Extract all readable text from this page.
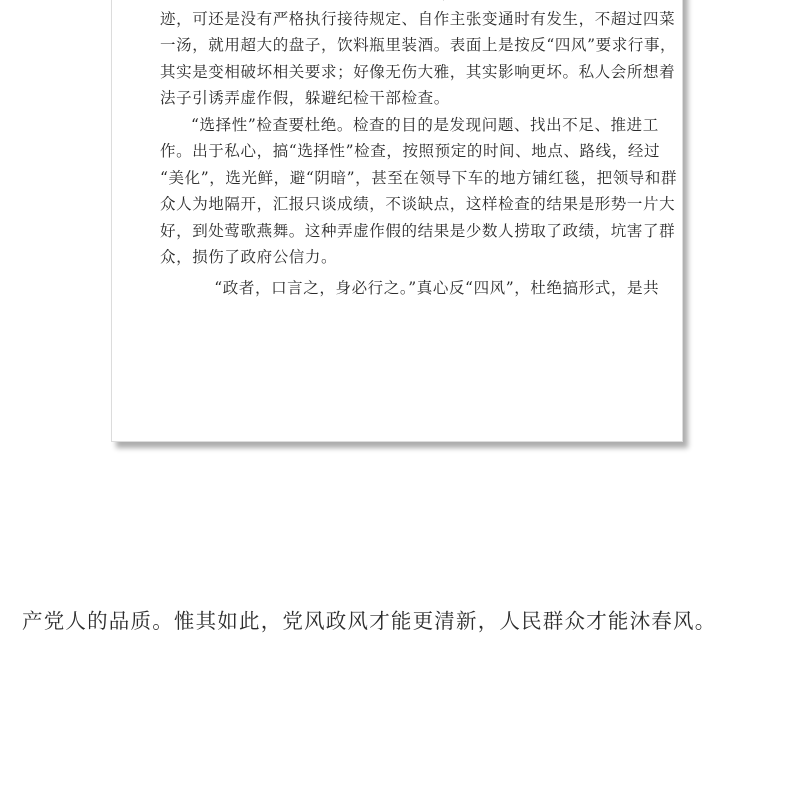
迹，可还是没有严格执行接待规定、自作主张变通时有发生，不超过四菜
一汤，就用超大的盘子，饮料瓶里装酒。表面上是按反“四风”要求行事，
其实是变相破坏相关要求；好像无伤大雅，其实影响更坏。私人会所想着
法子引诱弄虚作假，躲避纪检干部检查。

“选择性”检查要杜绝。检查的目的是发现问题、找出不足、推进工
作。出于私心，搞“选择性”检查，按照预定的时间、地点、路线，经过
“美化”，选光鲜，避“阴暗”，甚至在领导下车的地方铺红毯，把领导和群
众人为地隔开，汇报只谈成绩，不谈缺点，这样检查的结果是形势一片大
好，到处莺歌燕舞。这种弄虚作假的结果是少数人捞取了政绩，坑害了群
众，损伤了政府公信力。

“政者，口言之，身必行之。”真心反“四风”，杜绝搞形式，是共

产党人的品质。惟其如此，党风政风才能更清新，人民群众才能沐春风。
